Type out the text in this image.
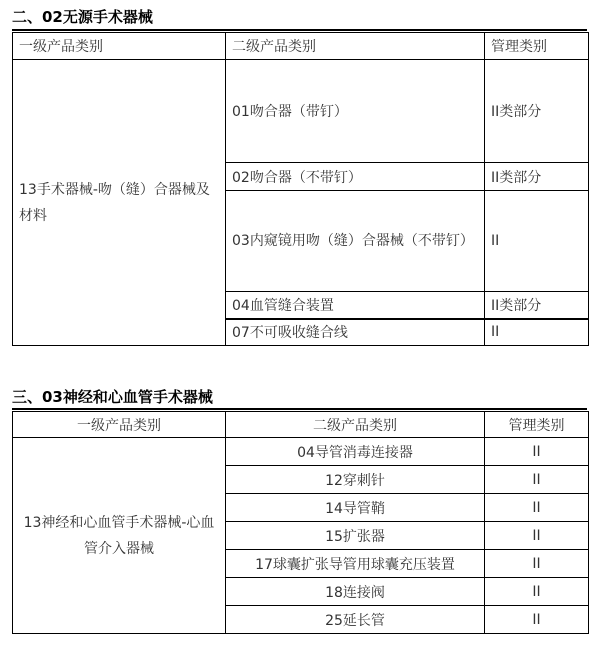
二、02无源手术器械
一级产品类别	二级产品类别	管理类别
13手术器械-吻（缝）合器械及材料	01吻合器（带钉）	II类部分
	02吻合器（不带钉）	II类部分
	03内窥镜用吻（缝）合器械（不带钉）	II
	04血管缝合装置	II类部分
	07不可吸收缝合线	II
三、03神经和心血管手术器械
一级产品类别	二级产品类别	管理类别
13神经和心血管手术器械-心血管介入器械	04导管消毒连接器	II
	12穿刺针	II
	14导管鞘	II
	15扩张器	II
	17球囊扩张导管用球囊充压装置	II
	18连接阀	II
	25延长管	II
